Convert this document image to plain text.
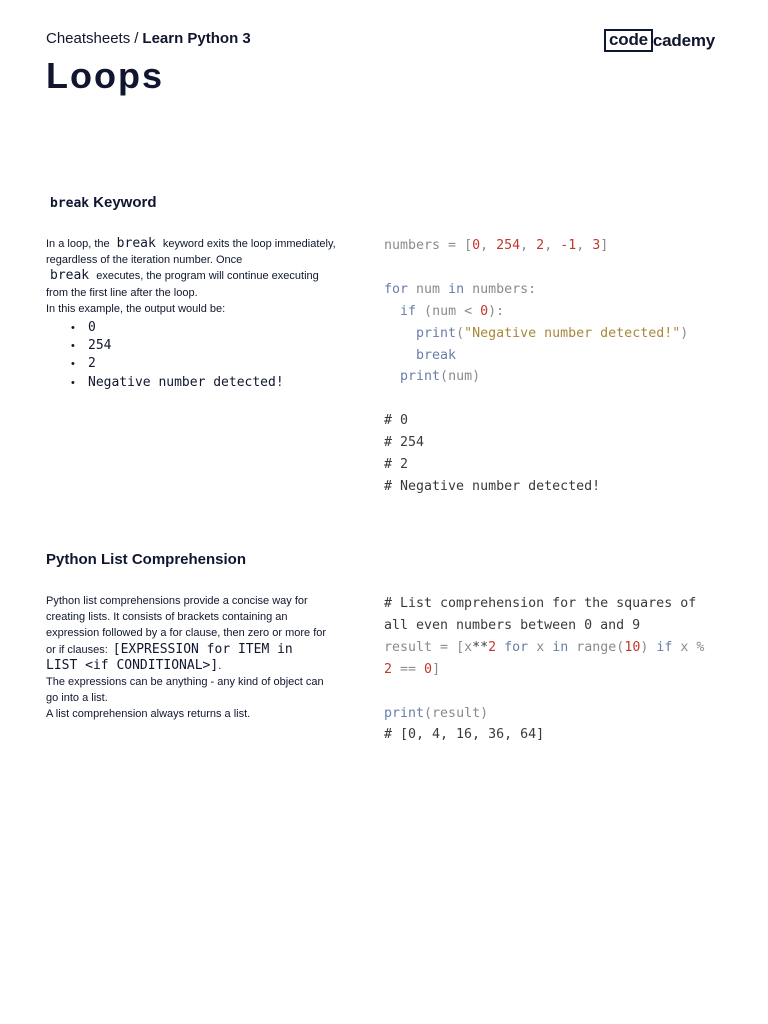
Cheatsheets / Learn Python 3	code cademy
Loops
break Keyword

In a loop, the break keyword exits the loop immediately, regardless of the iteration number. Once
break executes, the program will continue executing from the first line after the loop.

In this example, the output would be:

• 0
• 254
• 2
• Negative number detected!
numbers = [0, 254, 2, -1, 3]
for num in numbers:
if (num < 0):
print("Negative number detected!")
break
print(num)
# 0
# 254
# 2
# Negative number detected!
Python List Comprehension

Python list comprehensions provide a concise way for creating lists. It consists of brackets containing an expression followed by a for clause, then zero or more for or if clauses: [EXPRESSION for ITEM in LIST <if CONDITIONAL>].

The expressions can be anything - any kind of object can go into a list.

A list comprehension always returns a list.

# List comprehension for the squares of all even numbers between 0 and 9
result = [x**2 for x in range(10) if x % 2 == 0]
print(result)
# [0, 4, 16, 36, 64]
